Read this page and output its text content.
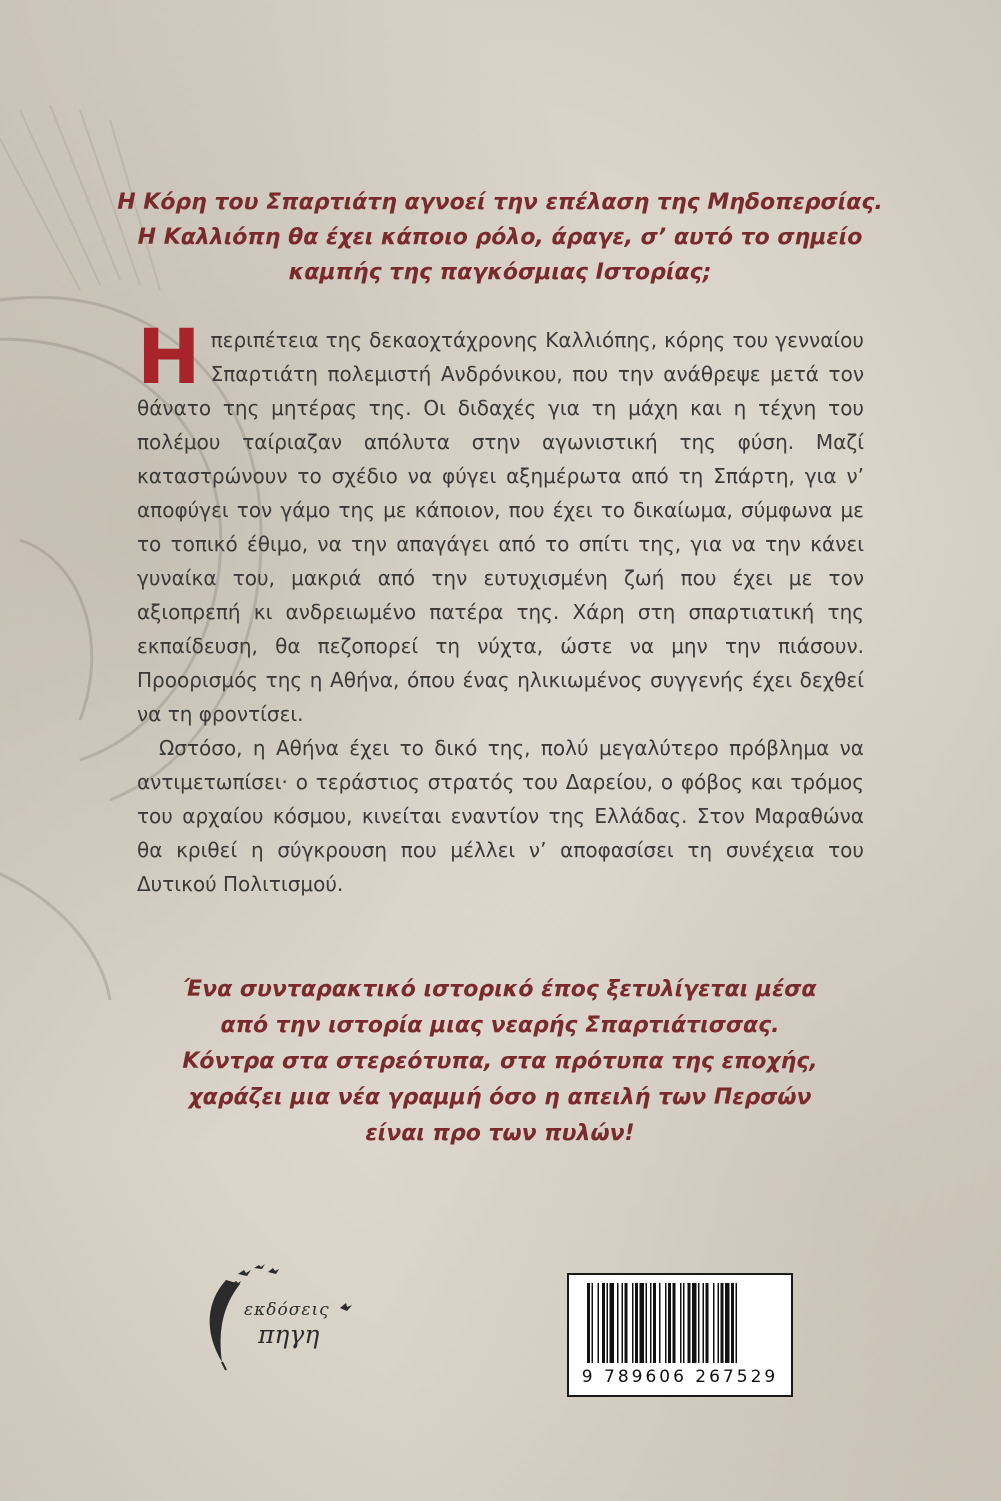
Η Κόρη του Σπαρτιάτη αγνοεί την επέλαση της Μηδοπερσίας.
Η Καλλιόπη θα έχει κάποιο ρόλο, άραγε, σ’ αυτό το σημείο
καμπής της παγκόσμιας Ιστορίας;

Ηπεριπέτεια της δεκαοχτάχρονης Καλλιόπης, κόρης του γενναίου Σπαρτιάτη πολεμιστή Ανδρόνικου, που την ανάθρεψε μετά τον θάνατο της μητέρας της. Οι διδαχές για τη μάχη και η τέχνη του πολέμου ταίριαζαν απόλυτα στην αγωνιστική της φύση. Μαζί καταστρώνουν το σχέδιο να φύγει αξημέρωτα από τη Σπάρτη, για ν’ αποφύγει τον γάμο της με κάποιον, που έχει το δικαίωμα, σύμφωνα με το τοπικό έθιμο, να την απαγάγει από το σπίτι της, για να την κάνει γυναίκα του, μακριά από την ευτυχισμένη ζωή που έχει με τον αξιοπρεπή κι ανδρειωμένο πατέρα της. Χάρη στη σπαρτιατική της εκπαίδευση, θα πεζοπορεί τη νύχτα, ώστε να μην την πιάσουν. Προορισμός της η Αθήνα, όπου ένας ηλικιωμένος συγγενής έχει δεχθεί να τη φροντίσει.

Ωστόσο, η Αθήνα έχει το δικό της, πολύ μεγαλύτερο πρόβλημα να αντιμετωπίσει· ο τεράστιος στρατός του Δαρείου, ο φόβος και τρόμος του αρχαίου κόσμου, κινείται εναντίον της Ελλάδας. Στον Μαραθώνα θα κριθεί η σύγκρουση που μέλλει ν’ αποφασίσει τη συνέχεια του Δυτικού Πολιτισμού.

Ένα συνταρακτικό ιστορικό έπος ξετυλίγεται μέσα
από την ιστορία μιας νεαρής Σπαρτιάτισσας.
Κόντρα στα στερεότυπα, στα πρότυπα της εποχής,
χαράζει μια νέα γραμμή όσο η απειλή των Περσών
είναι προ των πυλών!
εκδόσεις
πηγη
9 789606 267529
